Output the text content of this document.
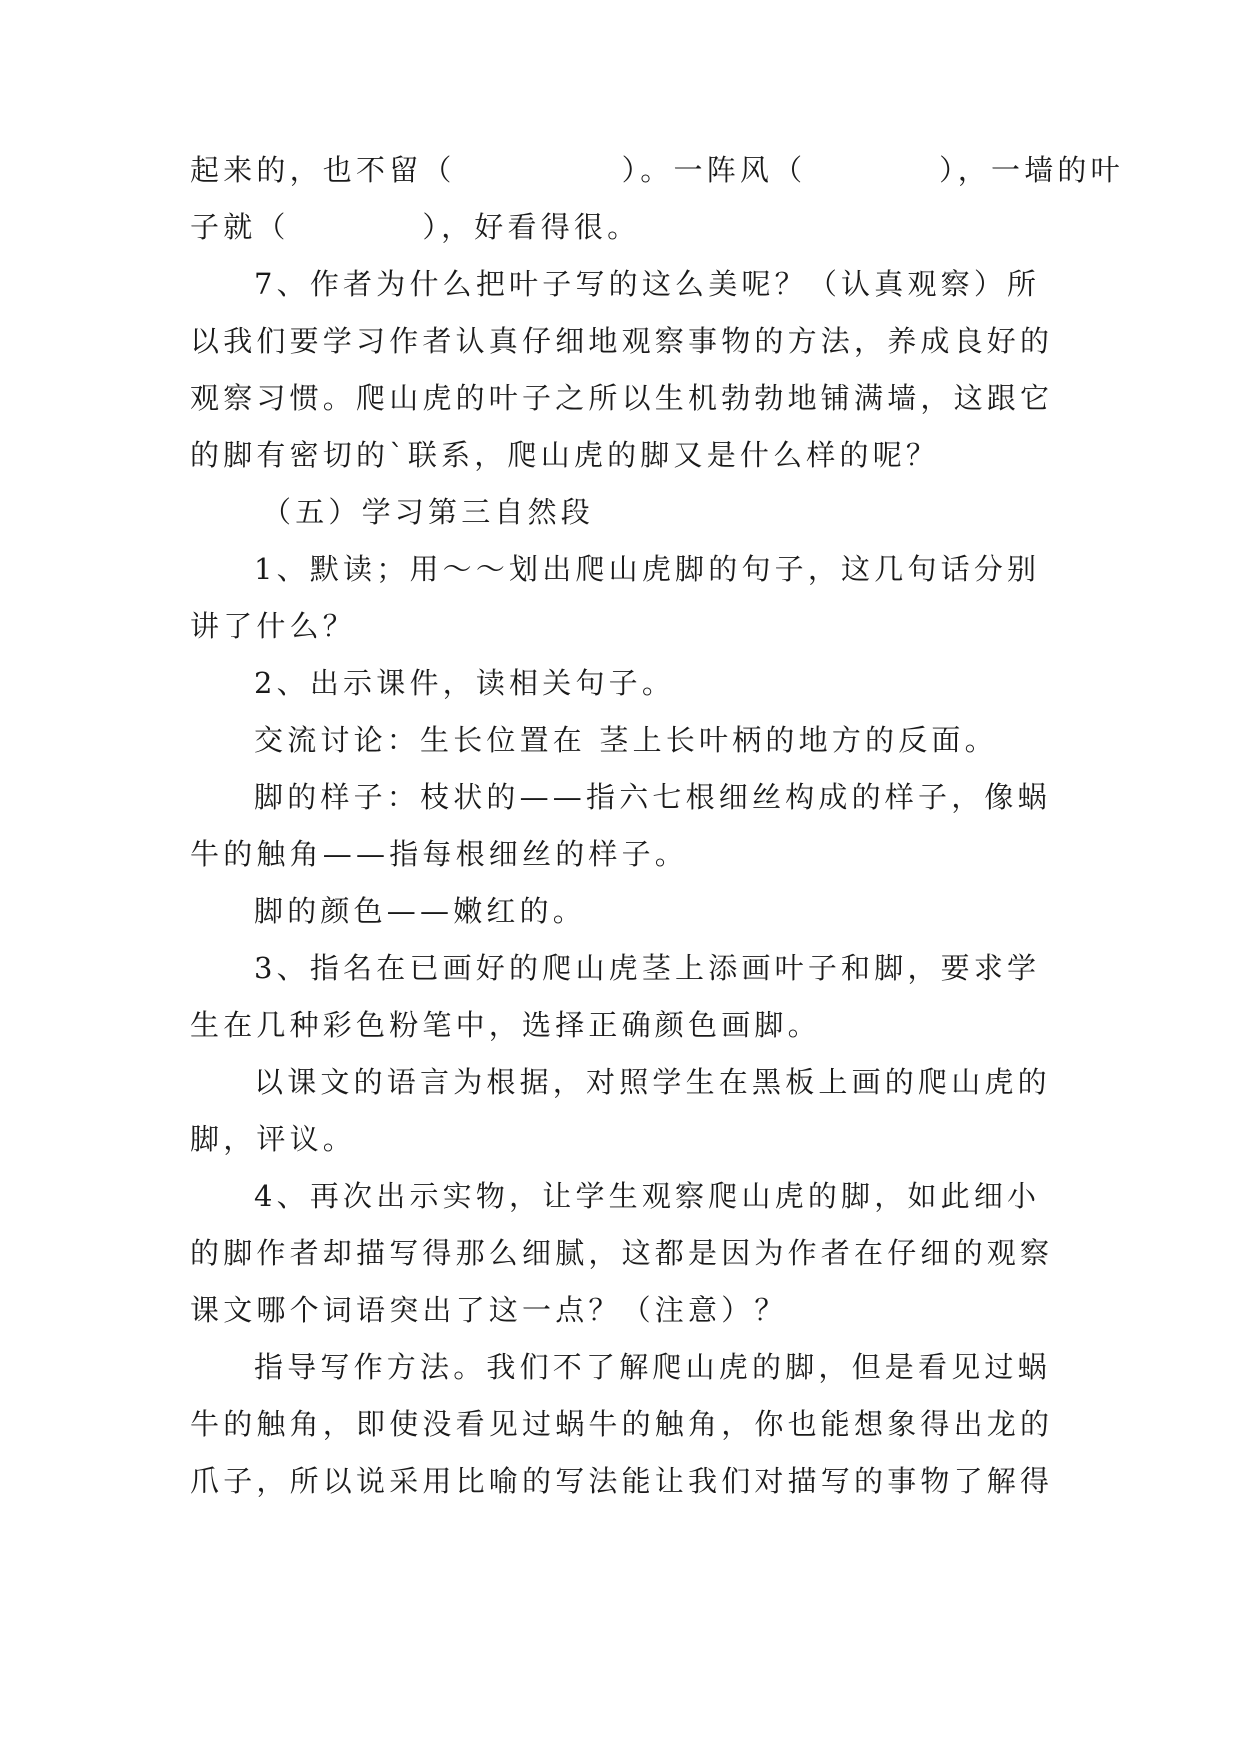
起来的，也不留（　　　　　）。一阵风（　　　　），一墙的叶
子就（　　　　），好看得很。
7、作者为什么把叶子写的这么美呢？（认真观察）所
以我们要学习作者认真仔细地观察事物的方法，养成良好的
观察习惯。爬山虎的叶子之所以生机勃勃地铺满墙，这跟它
的脚有密切的`联系，爬山虎的脚又是什么样的呢？
（五）学习第三自然段
1、默读；用～～划出爬山虎脚的句子，这几句话分别
讲了什么？
2、出示课件，读相关句子。
交流讨论：生长位置在 茎上长叶柄的地方的反面。
脚的样子：枝状的——指六七根细丝构成的样子，像蜗
牛的触角——指每根细丝的样子。
脚的颜色——嫩红的。
3、指名在已画好的爬山虎茎上添画叶子和脚，要求学
生在几种彩色粉笔中，选择正确颜色画脚。
以课文的语言为根据，对照学生在黑板上画的爬山虎的
脚，评议。
4、再次出示实物，让学生观察爬山虎的脚，如此细小
的脚作者却描写得那么细腻，这都是因为作者在仔细的观察
课文哪个词语突出了这一点？（注意）？
指导写作方法。我们不了解爬山虎的脚，但是看见过蜗
牛的触角，即使没看见过蜗牛的触角，你也能想象得出龙的
爪子，所以说采用比喻的写法能让我们对描写的事物了解得
